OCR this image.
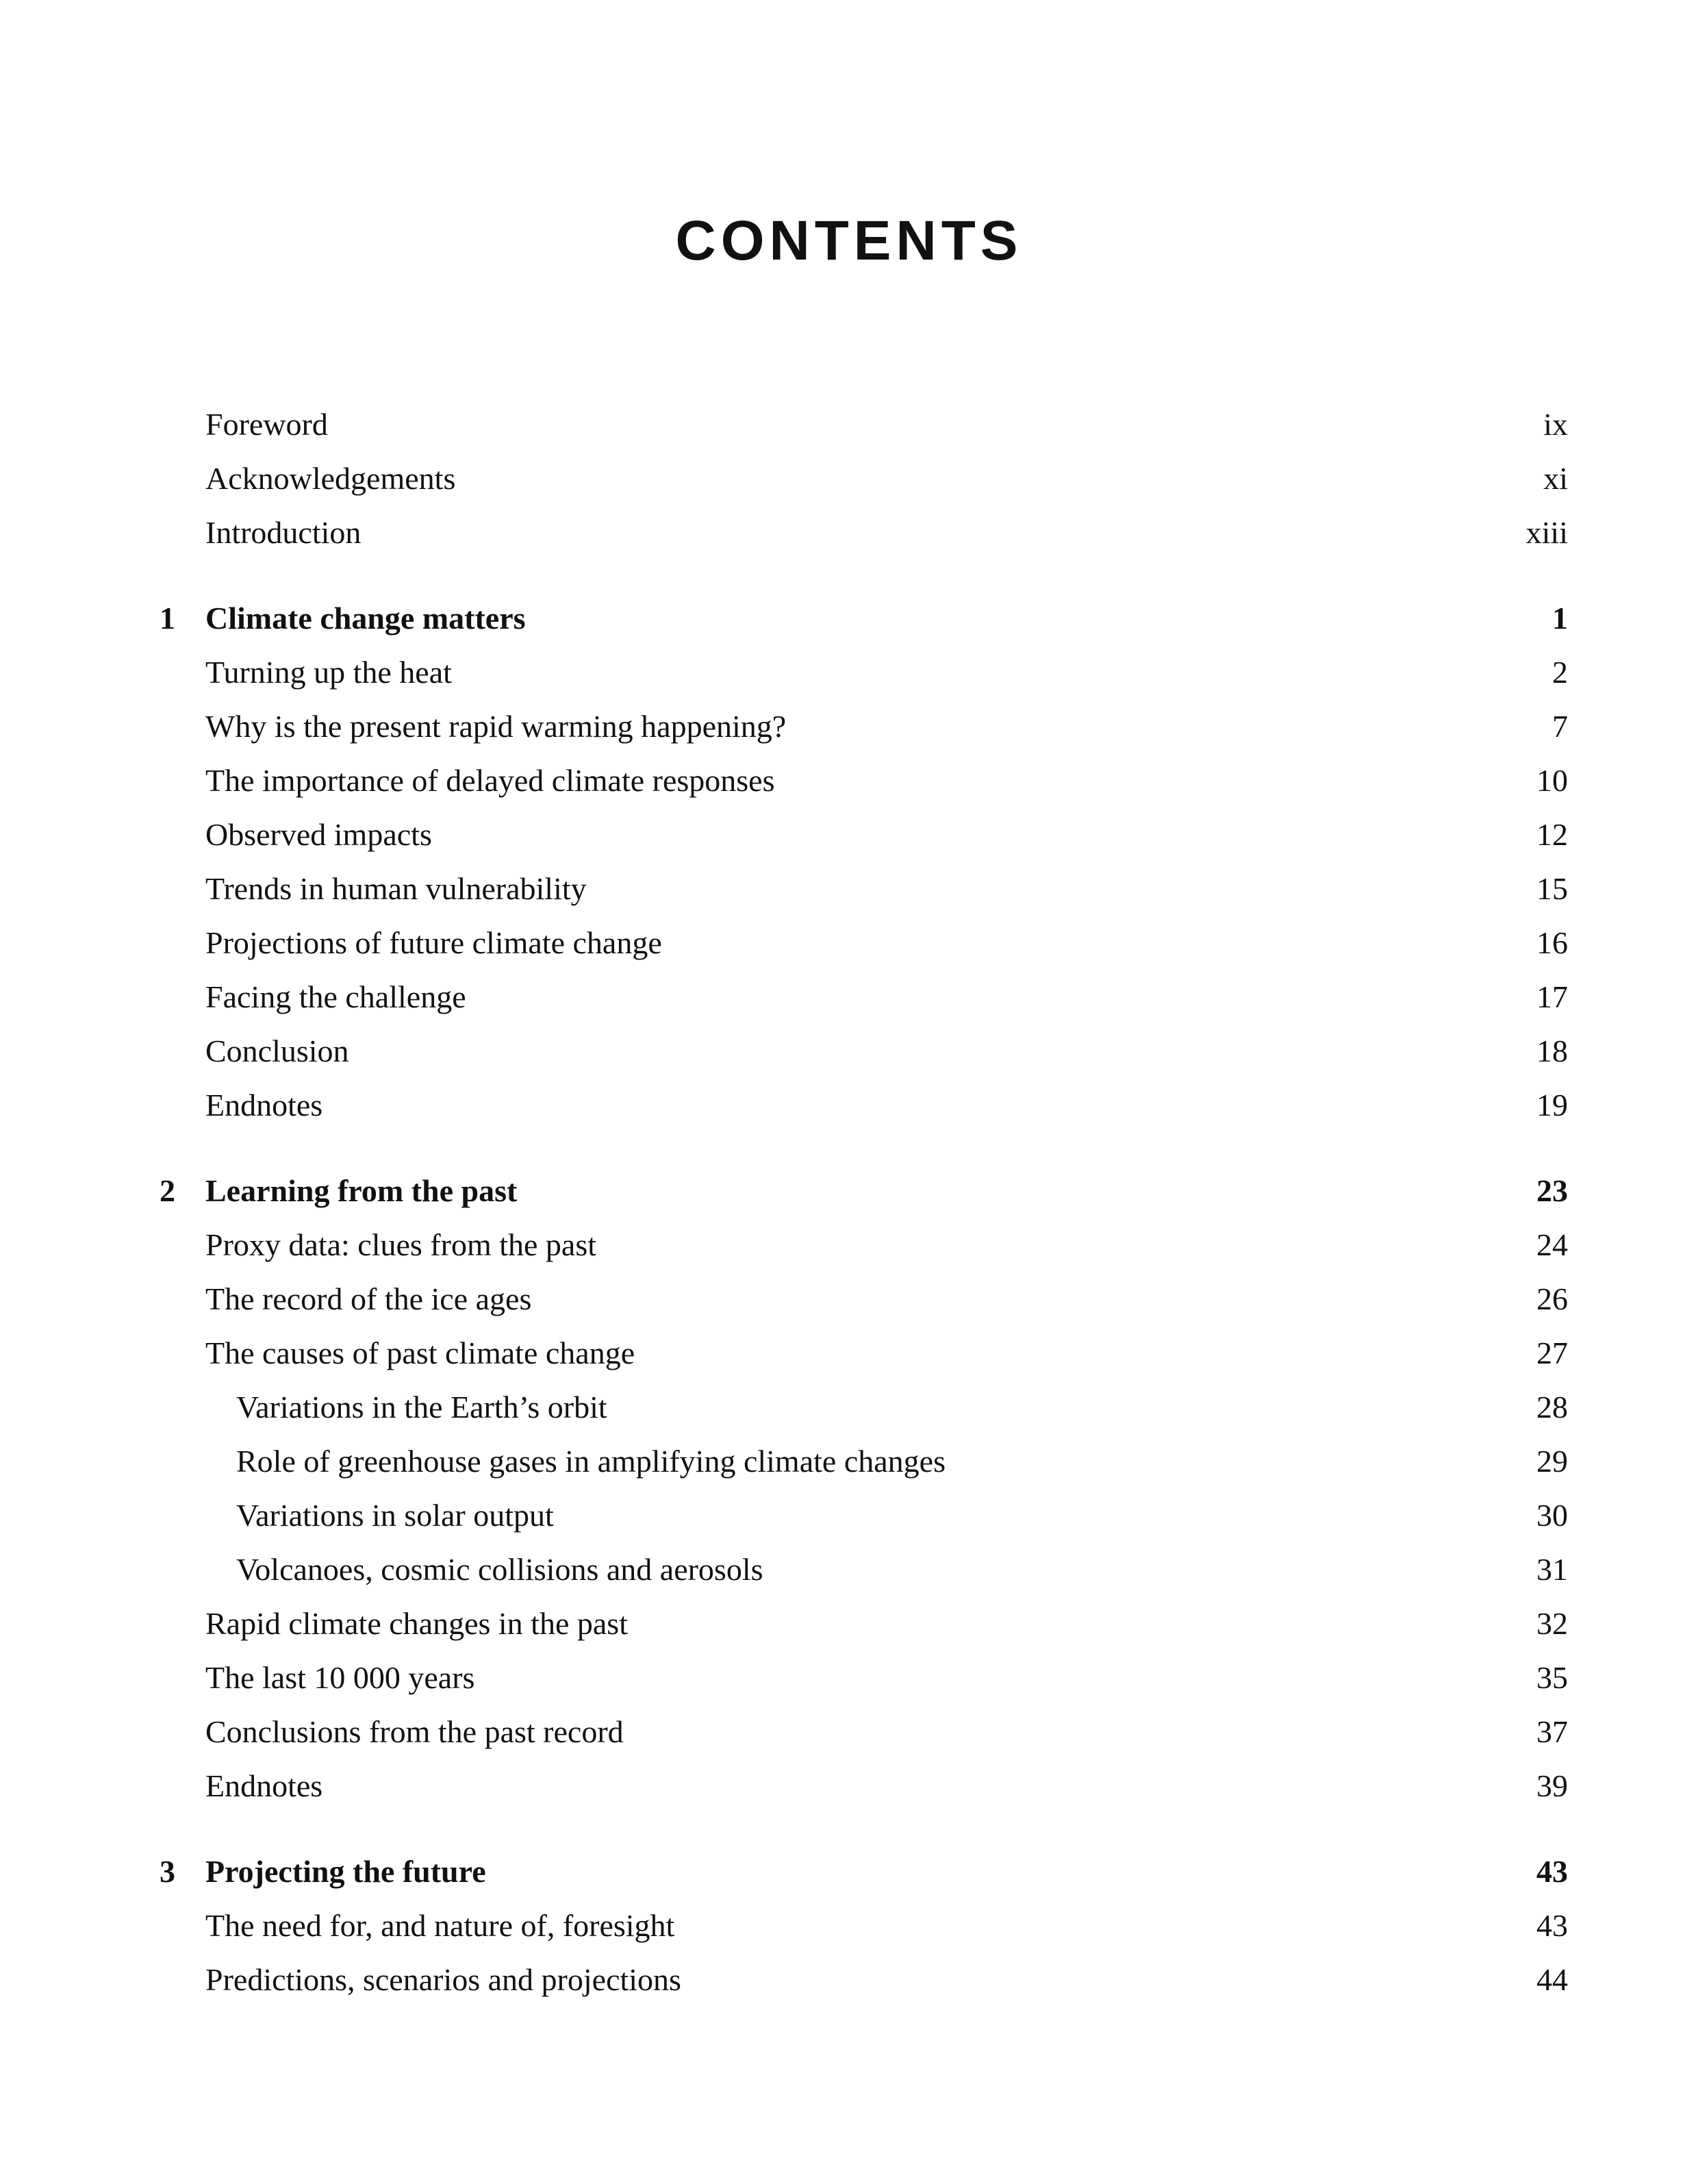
CONTENTS
Foreword	ix
Acknowledgements	xi
Introduction	xiii
1 Climate change matters	1
Turning up the heat	2
Why is the present rapid warming happening?	7
The importance of delayed climate responses	10
Observed impacts	12
Trends in human vulnerability	15
Projections of future climate change	16
Facing the challenge	17
Conclusion	18
Endnotes	19
2 Learning from the past	23
Proxy data: clues from the past	24
The record of the ice ages	26
The causes of past climate change	27
Variations in the Earth’s orbit	28
Role of greenhouse gases in amplifying climate changes	29
Variations in solar output	30
Volcanoes, cosmic collisions and aerosols	31
Rapid climate changes in the past	32
The last 10 000 years	35
Conclusions from the past record	37
Endnotes	39
3 Projecting the future	43
The need for, and nature of, foresight	43
Predictions, scenarios and projections	44
